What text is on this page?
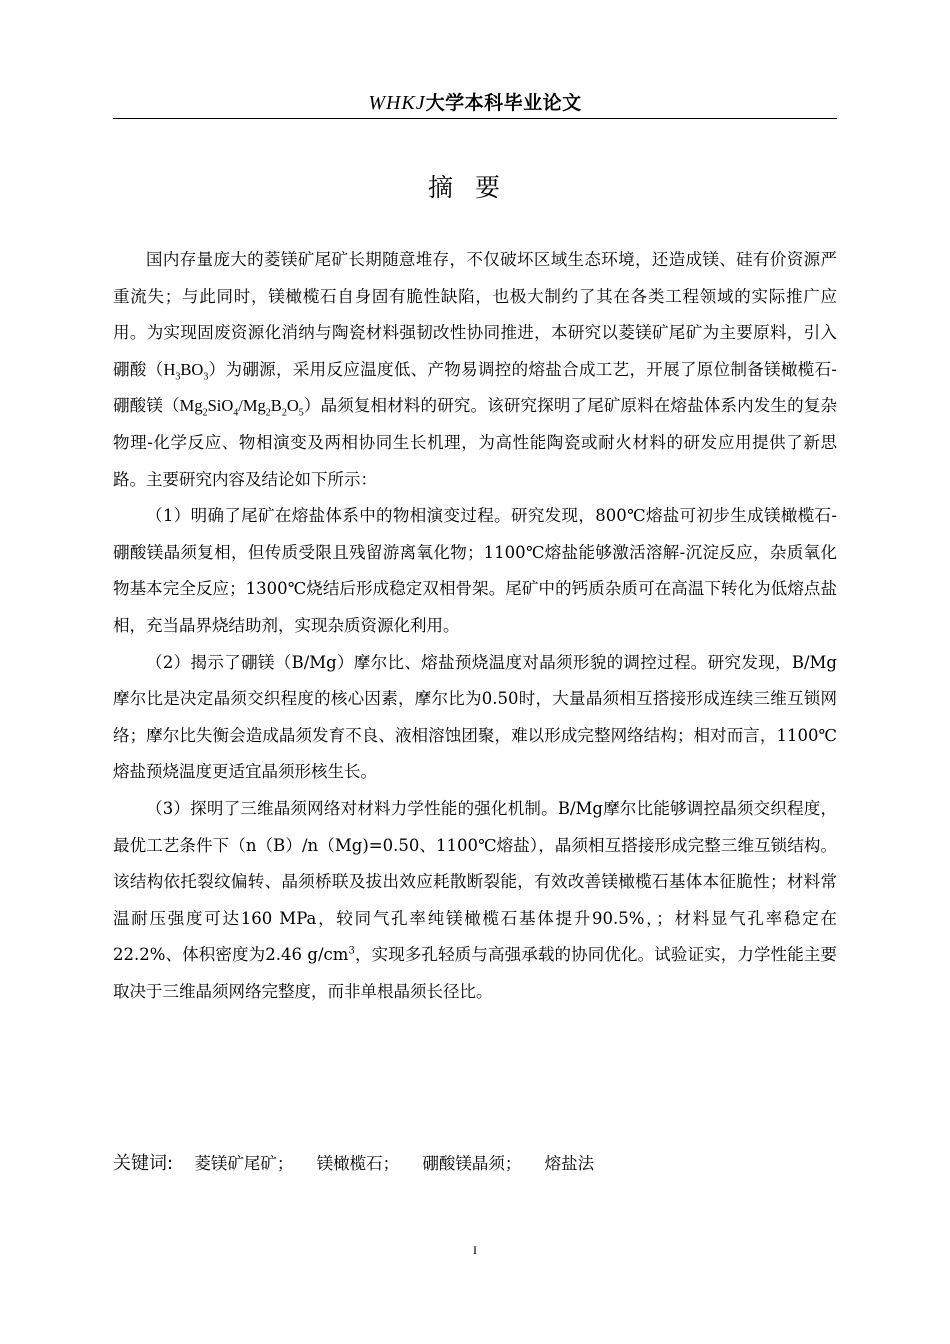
WHKJ大学本科毕业论文
摘要

国内存量庞大的菱镁矿尾矿长期随意堆存，不仅破坏区域生态环境，还造成镁、硅有价资源严重流失；与此同时，镁橄榄石自身固有脆性缺陷，也极大制约了其在各类工程领域的实际推广应用。为实现固废资源化消纳与陶瓷材料强韧改性协同推进，本研究以菱镁矿尾矿为主要原料，引入硼酸$(H_3BO_3)$为硼源，采用反应温度低、产物易调控的熔盐合成工艺，开展了原位制备镁橄榄石-硼酸镁$(Mg_2SiO_4/Mg_2B_2O_5)$晶须复相材料的研究。该研究探明了尾矿原料在熔盐体系内发生的复杂物理-化学反应、物相演变及两相协同生长机理，为高性能陶瓷或耐火材料的研发应用提供了新思路。主要研究内容及结论如下所示：

（1）明确了尾矿在熔盐体系中的物相演变过程。研究发现，800℃熔盐可初步生成镁橄榄石-硼酸镁晶须复相，但传质受限且残留游离氧化物；1100℃熔盐能够激活溶解-沉淀反应，杂质氧化物基本完全反应；1300℃烧结后形成稳定双相骨架。尾矿中的钙质杂质可在高温下转化为低熔点盐相，充当晶界烧结助剂，实现杂质资源化利用。

（2）揭示了硼镁（B/Mg）摩尔比、熔盐预烧温度对晶须形貌的调控过程。研究发现，B/Mg摩尔比是决定晶须交织程度的核心因素，摩尔比为0.50时，大量晶须相互搭接形成连续三维互锁网络；摩尔比失衡会造成晶须发育不良、液相溶蚀团聚，难以形成完整网络结构；相对而言，1100℃熔盐预烧温度更适宜晶须形核生长。

（3）探明了三维晶须网络对材料力学性能的强化机制。B/Mg摩尔比能够调控晶须交织程度，最优工艺条件下（n（B）/n（Mg)=0.50、1100℃熔盐），晶须相互搭接形成完整三维互锁结构。该结构依托裂纹偏转、晶须桥联及拔出效应耗散断裂能，有效改善镁橄榄石基体本征脆性；材料常温耐压强度可达160 MPa，较同气孔率纯镁橄榄石基体提升90.5%，；材料显气孔率稳定在22.2%、体积密度为2.46 $g/cm^3$，实现多孔轻质与高强承载的协同优化。试验证实，力学性能主要取决于三维晶须网络完整度，而非单根晶须长径比。

关键词: 菱镁矿尾矿； 镁橄榄石； 硼酸镁晶须； 熔盐法
I
